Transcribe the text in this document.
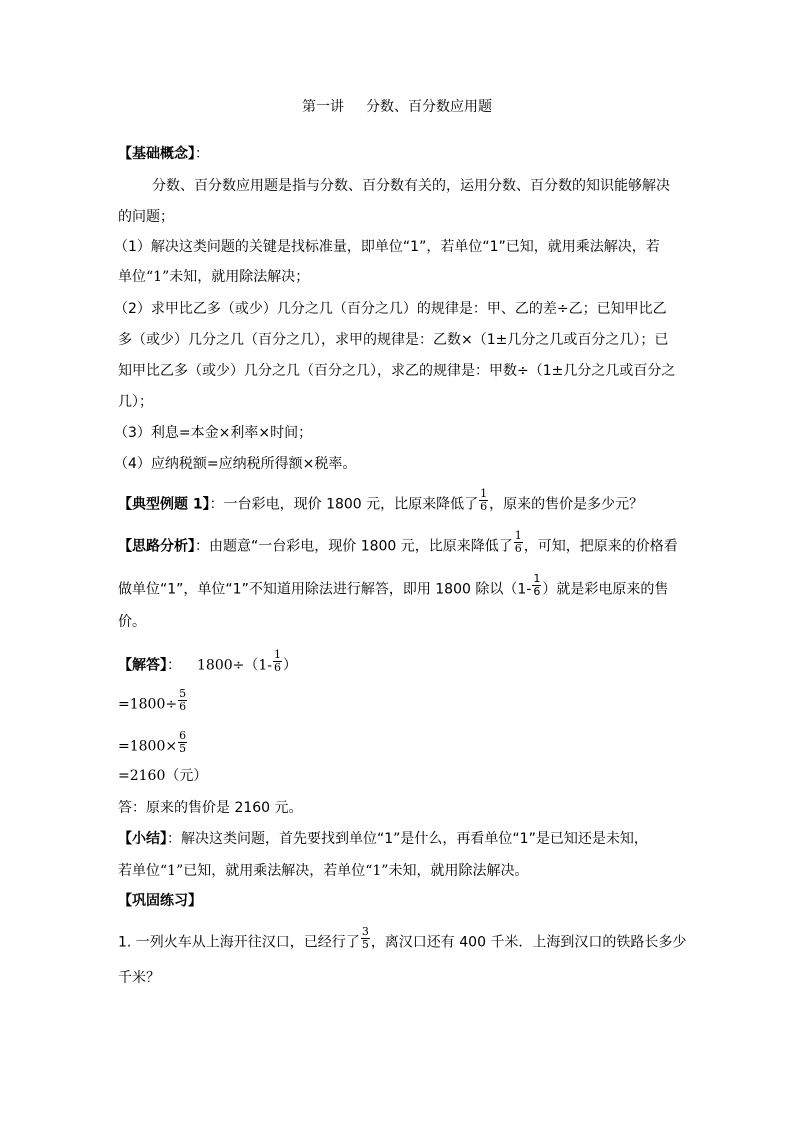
第一讲 分数、百分数应用题
【基础概念】：
分数、百分数应用题是指与分数、百分数有关的，运用分数、百分数的知识能够解决
的问题；
（1）解决这类问题的关键是找标准量，即单位“1”，若单位“1”已知，就用乘法解决，若
单位“1”未知，就用除法解决；
（2）求甲比乙多（或少）几分之几（百分之几）的规律是：甲、乙的差÷乙；已知甲比乙
多（或少）几分之几（百分之几），求甲的规律是：乙数×（1±几分之几或百分之几）；已
知甲比乙多（或少）几分之几（百分之几），求乙的规律是：甲数÷（1±几分之几或百分之
几）；
（3）利息=本金×利率×时间；
（4）应纳税额=应纳税所得额×税率。
【典型例题 1】：一台彩电，现价 1800 元，比原来降低了 $\frac{1}{6}$ ，原来的售价是多少元？
【思路分析】：由题意“一台彩电，现价 1800 元，比原来降低了 $\frac{1}{6}$ ，可知，把原来的价格看
做单位“1”，单位“1”不知道用除法进行解答，即用 1800 除以（$1- \frac{1}{6}$ ）就是彩电原来的售
价。
【解答】： $1800\div(1- \frac{1}{6}$ ）
$=1800\div \frac{5}{6}$
$=1800\times \frac{6}{5}$
=2160（元）
答：原来的售价是 2160 元。
【小结】：解决这类问题，首先要找到单位“1”是什么，再看单位“1”是已知还是未知，
若单位“1”已知，就用乘法解决，若单位“1”未知，就用除法解决。
【巩固练习】
1. 一列火车从上海开往汉口，已经行了 $\frac{3}{5}$ ，离汉口还有 400 千米．上海到汉口的铁路长多少
千米？
